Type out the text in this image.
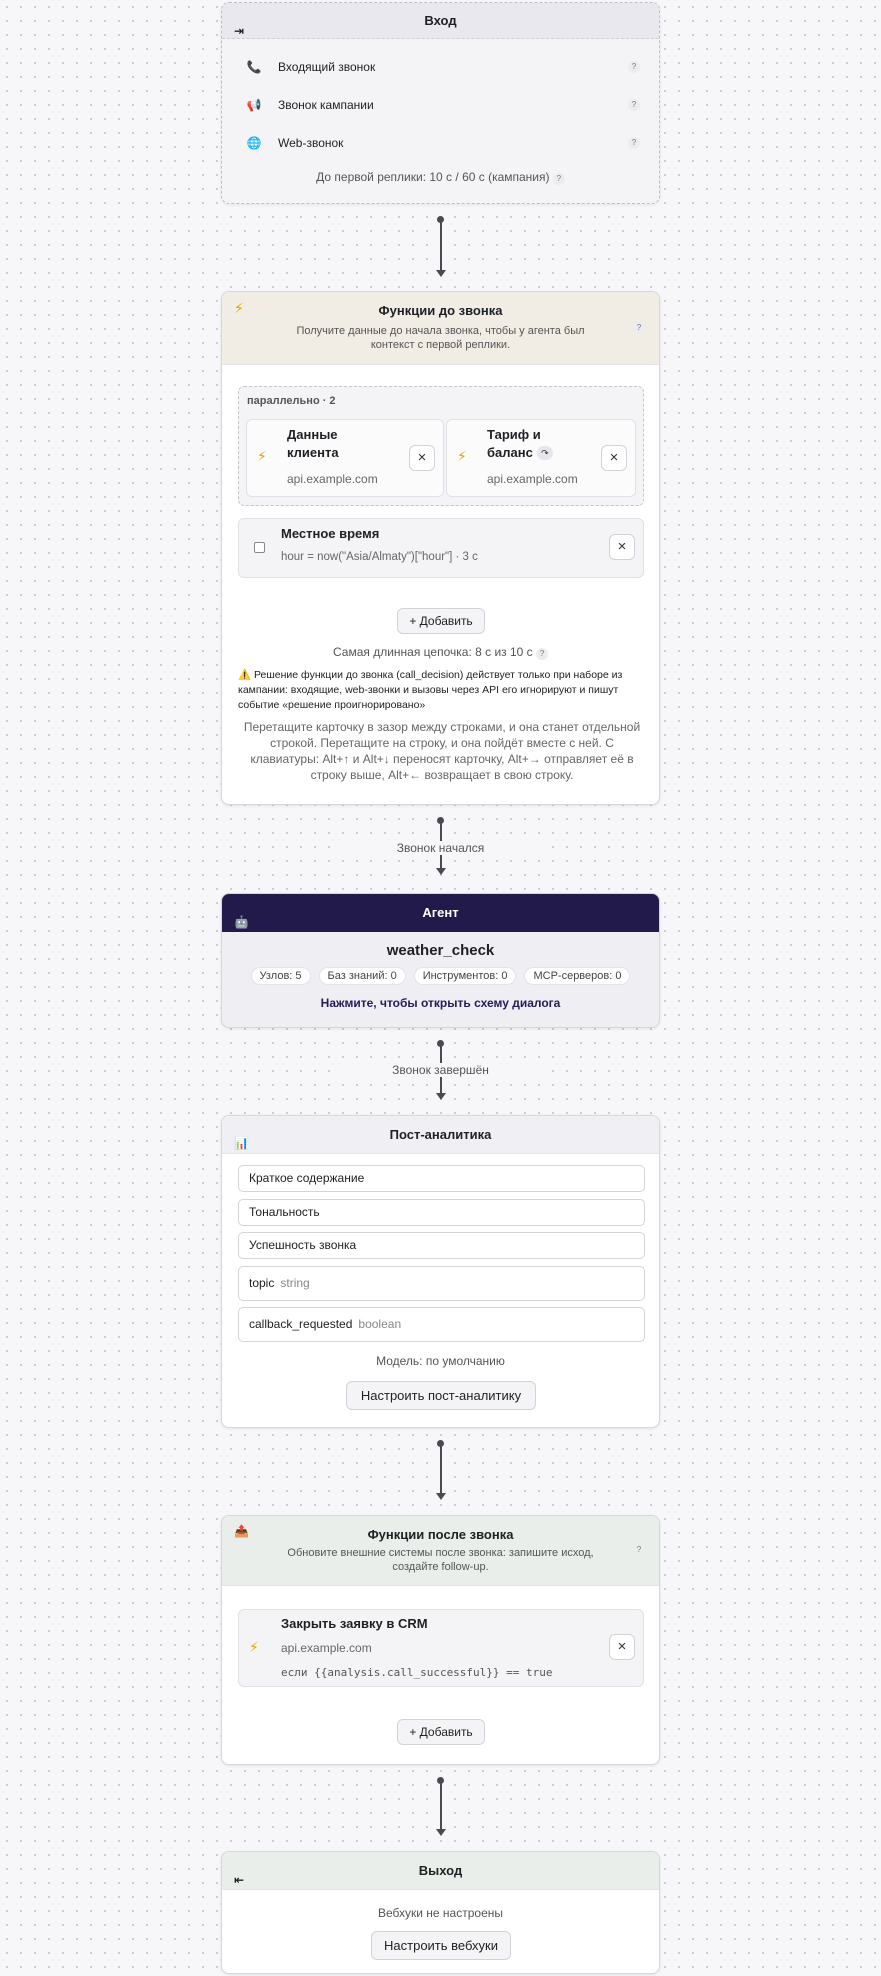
⇥
Вход
📞 Входящий звонок	?
📢 Звонок кампании	?
🌐 Web-звонок	?
До первой реплики: 10 с / 60 с (кампания) ?
⚡	Функции до звонка
Получите данные до начала звонка, чтобы у агента был контекст с первой реплики.
?
параллельно · 2
⚡
Данные клиента
api.example.com
×	⚡
Тариф и баланс ↷
api.example.com
×
Местное время
hour = now("Asia/Almaty")["hour"] · 3 с
×
+ Добавить
Самая длинная цепочка: 8 с из 10 с ?
⚠️ Решение функции до звонка (call_decision) действует только при наборе из кампании: входящие, web-звонки и вызовы через API его игнорируют и пишут событие «решение проигнорировано»
Перетащите карточку в зазор между строками, и она станет отдельной строкой. Перетащите на строку, и она пойдёт вместе с ней. С клавиатуры: Alt+↑ и Alt+↓ переносят карточку, Alt+→ отправляет её в строку выше, Alt+← возвращает в свою строку.
Звонок начался
🤖
Агент
weather_check
Узлов: 5 Баз знаний: 0 Инструментов: 0 MCP-серверов: 0
Нажмите, чтобы открыть схему диалога
Звонок завершён
📊
Пост-аналитика
Краткое содержание
Тональность
Успешность звонка
topic string
callback_requested boolean
Модель: по умолчанию
Настроить пост-аналитику
📤	Функции после звонка
Обновите внешние системы после звонка: запишите исход, создайте follow-up.
?
⚡
Закрыть заявку в CRM
api.example.com
если {{analysis.call_successful}} == true
×
+ Добавить
⇤
Выход
Вебхуки не настроены
Настроить вебхуки
